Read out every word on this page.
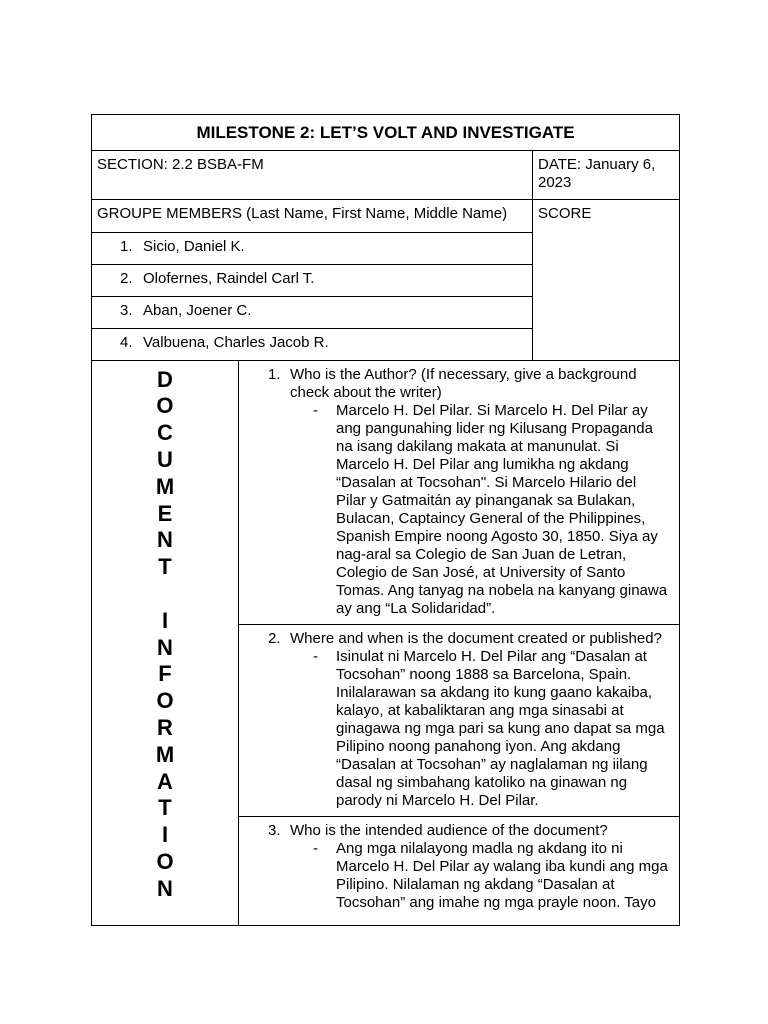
MILESTONE 2: LET’S VOLT AND INVESTIGATE
SECTION: 2.2 BSBA-FM	DATE: January 6,
2023
GROUPE MEMBERS (Last Name, First Name, Middle Name)	SCORE
1. Sicio, Daniel K.
2. Olofernes, Raindel Carl T.
3. Aban, Joener C.
4. Valbuena, Charles Jacob R.
DOCUMENT
INFORMATION
1. Who is the Author? (If necessary, give a background
check about the writer)
- Marcelo H. Del Pilar. Si Marcelo H. Del Pilar ay
ang pangunahing lider ng Kilusang Propaganda
na isang dakilang makata at manunulat. Si
Marcelo H. Del Pilar ang lumikha ng akdang
“Dasalan at Tocsohan". Si Marcelo Hilario del
Pilar y Gatmaitán ay pinanganak sa Bulakan,
Bulacan, Captaincy General of the Philippines,
Spanish Empire noong Agosto 30, 1850. Siya ay
nag-aral sa Colegio de San Juan de Letran,
Colegio de San José, at University of Santo
Tomas. Ang tanyag na nobela na kanyang ginawa
ay ang “La Solidaridad”.
2. Where and when is the document created or published?
- Isinulat ni Marcelo H. Del Pilar ang “Dasalan at
Tocsohan” noong 1888 sa Barcelona, Spain.
Inilalarawan sa akdang ito kung gaano kakaiba,
kalayo, at kabaliktaran ang mga sinasabi at
ginagawa ng mga pari sa kung ano dapat sa mga
Pilipino noong panahong iyon. Ang akdang
“Dasalan at Tocsohan” ay naglalaman ng iilang
dasal ng simbahang katoliko na ginawan ng
parody ni Marcelo H. Del Pilar.
3. Who is the intended audience of the document?
- Ang mga nilalayong madla ng akdang ito ni
Marcelo H. Del Pilar ay walang iba kundi ang mga
Pilipino. Nilalaman ng akdang “Dasalan at
Tocsohan” ang imahe ng mga prayle noon. Tayo
